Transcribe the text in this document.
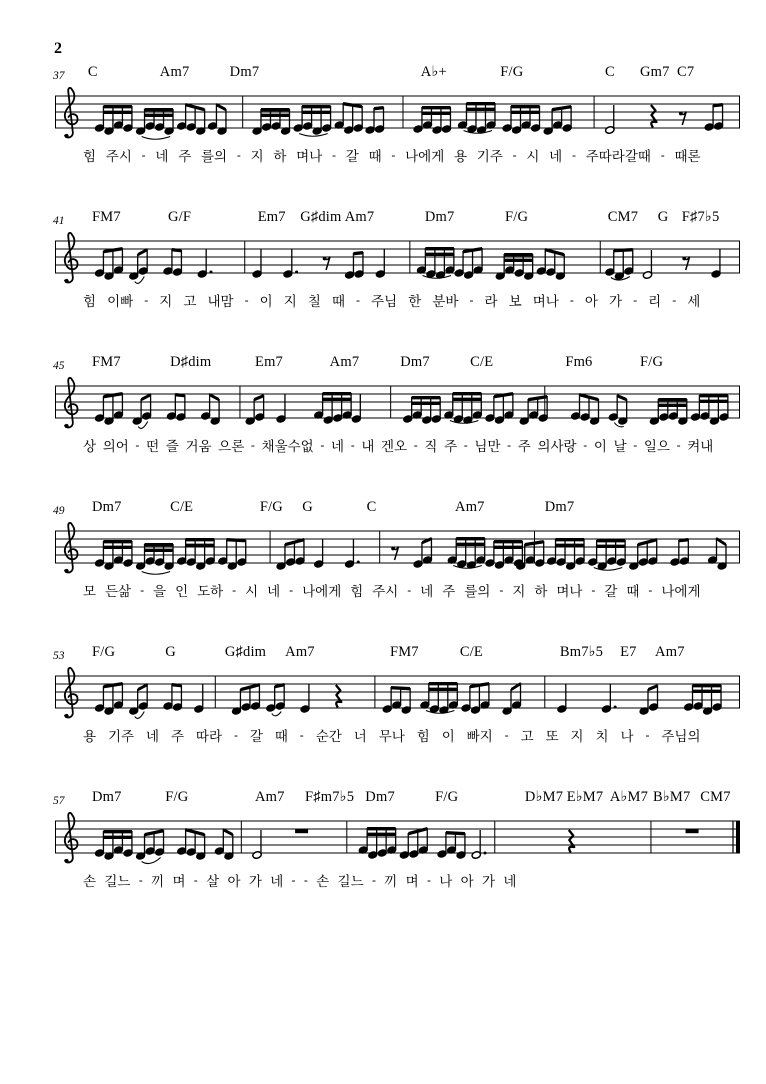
2
37 C	Am7	Dm7	A♭+	F/G	C Gm7 C7
힘 주시 - 네 주 를의 - 지 하 며나 - 갈 때 - 나에게 용 기주 - 시 네 - 주따라갈때 - 때론
41 FM7	G/F	Em7 G♯dim Am7	Dm7	F/G	CM7 G F♯7♭5
힘 이빠 - 지 고 내맘 - 이 지 칠 때 - 주님 한 분바 - 라 보 며나 - 아 가 - 리 - 세
45 FM7	D♯dim	Em7	Am7	Dm7	C/E	Fm6	F/G
상 의어 - 떤 즐 거움 으론 - 채울수없 - 네 - 내 겐오 - 직 주 - 님만 - 주 의사랑 - 이 날 - 일으 - 켜내
49 Dm7	C/E	F/G G	C	Am7	Dm7
모 든삶 - 을 인 도하 - 시 네 - 나에게 힘 주시 - 네 주 를의 - 지 하 며나 - 갈 때 - 나에게
53 F/G	G	G♯dim Am7	FM7	C/E	Bm7♭5 E7 Am7
용 기주 네 주 따라 - 갈 때 - 순간 너 무나 힘 이 빠지 - 고 또 지 치 나 - 주님의
57 Dm7	F/G	Am7 F♯m7♭5 Dm7	F/G	D♭M7 E♭M7 A♭M7 B♭M7 CM7
손 길느 - 끼 며 - 살 아 가 네 - - 손 길느 - 끼 며 - 나 아 가 네
